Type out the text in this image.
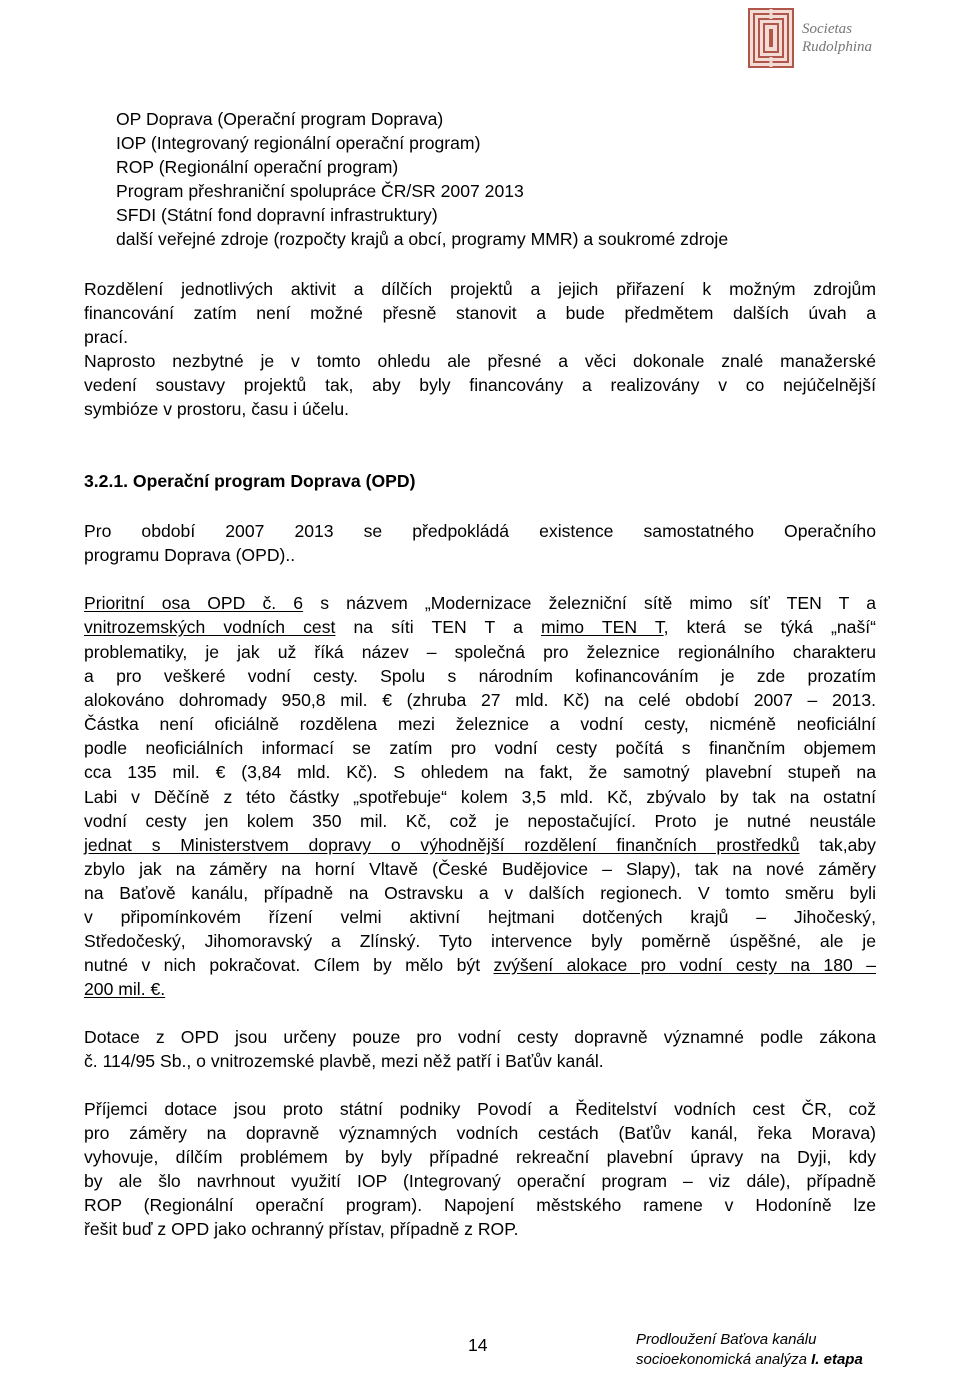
Societas
Rudolphina
OP Doprava (Operační program Doprava)
IOP (Integrovaný regionální operační program)
ROP (Regionální operační program)
Program přeshraniční spolupráce ČR/SR 2007 2013
SFDI (Státní fond dopravní infrastruktury)
další veřejné zdroje (rozpočty krajů a obcí, programy MMR) a soukromé zdroje
Rozdělení jednotlivých aktivit a dílčích projektů a jejich přiřazení k možným zdrojům
financování zatím není možné přesně stanovit a bude předmětem dalších úvah a
prací.
Naprosto nezbytné je v tomto ohledu ale přesné a věci dokonale znalé manažerské
vedení soustavy projektů tak, aby byly financovány a realizovány v co nejúčelnější
symbióze v prostoru, času i účelu.
3.2.1. Operační program Doprava (OPD)
Pro období 2007 2013 se předpokládá existence samostatného Operačního
programu Doprava (OPD)..
Prioritní osa OPD č. 6 s názvem „Modernizace železniční sítě mimo síť TEN T a
vnitrozemských vodních cest na síti TEN T a mimo TEN T, která se týká „naší“
problematiky, je jak už říká název – společná pro železnice regionálního charakteru
a pro veškeré vodní cesty. Spolu s národním kofinancováním je zde prozatím
alokováno dohromady 950,8 mil. € (zhruba 27 mld. Kč) na celé období 2007 – 2013.
Částka není oficiálně rozdělena mezi železnice a vodní cesty, nicméně neoficiální
podle neoficiálních informací se zatím pro vodní cesty počítá s finančním objemem
cca 135 mil. € (3,84 mld. Kč). S ohledem na fakt, že samotný plavební stupeň na
Labi v Děčíně z této částky „spotřebuje“ kolem 3,5 mld. Kč, zbývalo by tak na ostatní
vodní cesty jen kolem 350 mil. Kč, což je nepostačující. Proto je nutné neustále
jednat s Ministerstvem dopravy o výhodnější rozdělení finančních prostředků tak,aby
zbylo jak na záměry na horní Vltavě (České Budějovice – Slapy), tak na nové záměry
na Baťově kanálu, případně na Ostravsku a v dalších regionech. V tomto směru byli
v připomínkovém řízení velmi aktivní hejtmani dotčených krajů – Jihočeský,
Středočeský, Jihomoravský a Zlínský. Tyto intervence byly poměrně úspěšné, ale je
nutné v nich pokračovat. Cílem by mělo být zvýšení alokace pro vodní cesty na 180 –
200 mil. €.
Dotace z OPD jsou určeny pouze pro vodní cesty dopravně významné podle zákona
č. 114/95 Sb., o vnitrozemské plavbě, mezi něž patří i Baťův kanál.
Příjemci dotace jsou proto státní podniky Povodí a Ředitelství vodních cest ČR, což
pro záměry na dopravně významných vodních cestách (Baťův kanál, řeka Morava)
vyhovuje, dílčím problémem by byly případné rekreační plavební úpravy na Dyji, kdy
by ale šlo navrhnout využití IOP (Integrovaný operační program – viz dále), případně
ROP (Regionální operační program). Napojení městského ramene v Hodoníně lze
řešit buď z OPD jako ochranný přístav, případně z ROP.
14	Prodloužení Baťova kanálu
socioekonomická analýza I. etapa
